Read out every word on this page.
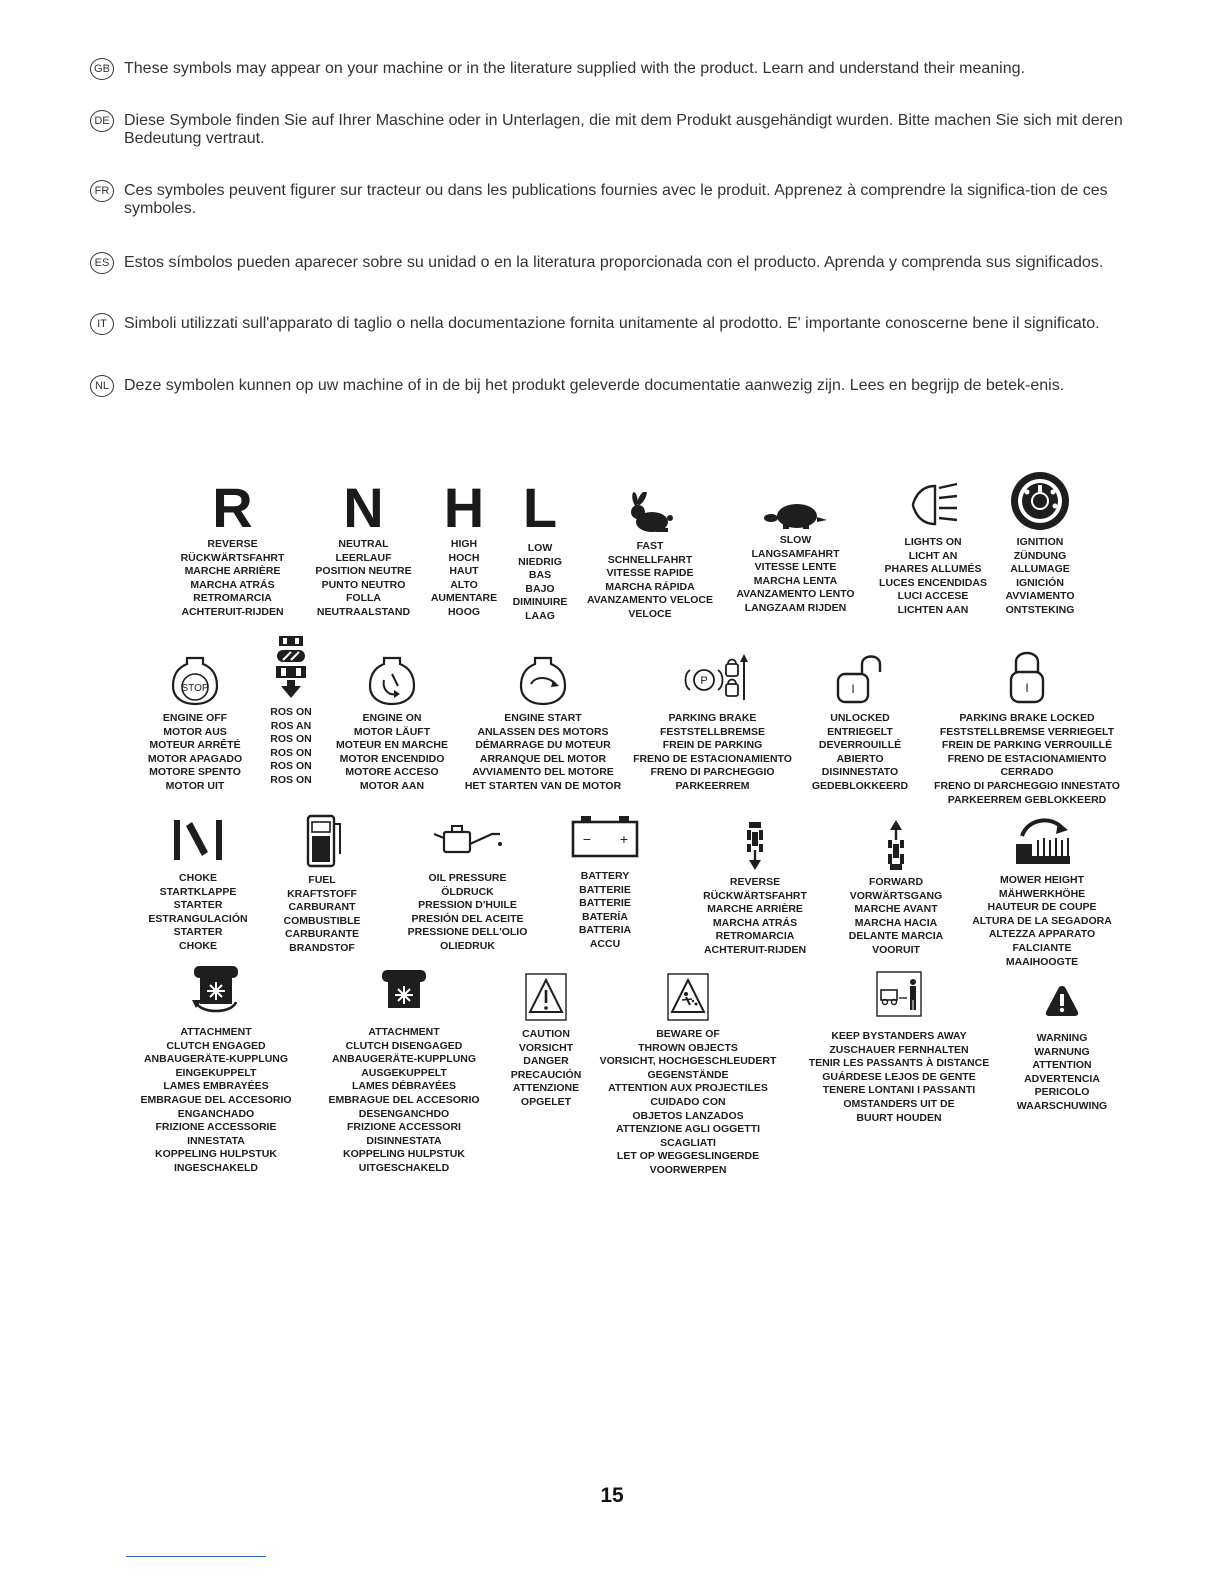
GB These symbols may appear on your machine or in the literature supplied with the product. Learn and understand their meaning.
DE Diese Symbole finden Sie auf Ihrer Maschine oder in Unterlagen, die mit dem Produkt ausgehändigt wurden. Bitte machen Sie sich mit deren Bedeutung vertraut.
FR Ces symboles peuvent figurer sur tracteur ou dans les publications fournies avec le produit. Apprenez à comprendre la significa-tion de ces symboles.
ES Estos símbolos pueden aparecer sobre su unidad o en la literatura proporcionada con el producto. Aprenda y comprenda sus significados.
IT	Simboli utilizzati sull'apparato di taglio o nella documentazione fornita unitamente al prodotto. E' importante conoscerne bene il significato.
NL Deze symbolen kunnen op uw machine of in de bij het produkt geleverde documentatie aanwezig zijn. Lees en begrijp de betek-enis.
R
REVERSE
RÜCKWÄRTSFAHRT
MARCHE ARRIÈRE
MARCHA ATRÁS
RETROMARCIA
ACHTERUIT-RIJDEN
N
NEUTRAL
LEERLAUF
POSITION NEUTRE
PUNTO NEUTRO
FOLLA
NEUTRAALSTAND
H
HIGH
HOCH
HAUT
ALTO
AUMENTARE
HOOG
L
LOW
NIEDRIG
BAS
BAJO
DIMINUIRE
LAAG
FAST
SCHNELLFAHRT
VITESSE RAPIDE
MARCHA RÁPIDA
AVANZAMENTO VELOCE
VELOCE
SLOW
LANGSAMFAHRT
VITESSE LENTE
MARCHA LENTA
AVANZAMENTO LENTO
LANGZAAM RIJDEN
LIGHTS ON
LICHT AN
PHARES ALLUMÉS
LUCES ENCENDIDAS
LUCI ACCESE
LICHTEN AAN
IGNITION
ZÜNDUNG
ALLUMAGE
IGNICIÓN
AVVIAMENTO
ONTSTEKING
STOP
ENGINE OFF
MOTOR AUS
MOTEUR ARRÊTÉ
MOTOR APAGADO
MOTORE SPENTO
MOTOR UIT
ROS ON
ROS AN
ROS ON
ROS ON
ROS ON
ROS ON
ENGINE ON
MOTOR LÄUFT
MOTEUR EN MARCHE
MOTOR ENCENDIDO
MOTORE ACCESO
MOTOR AAN
ENGINE START
ANLASSEN DES MOTORS
DÉMARRAGE DU MOTEUR
ARRANQUE DEL MOTOR
AVVIAMENTO DEL MOTORE
HET STARTEN VAN DE MOTOR
P
PARKING BRAKE
FESTSTELLBREMSE
FREIN DE PARKING
FRENO DE ESTACIONAMIENTO
FRENO DI PARCHEGGIO
PARKEERREM
I
UNLOCKED
ENTRIEGELT
DEVERROUILLÉ
ABIERTO
DISINNESTATO
GEDEBLOKKEERD
I
PARKING BRAKE LOCKED
FESTSTELLBREMSE VERRIEGELT
FREIN DE PARKING VERROUILLÉ
FRENO DE ESTACIONAMIENTO
CERRADO
FRENO DI PARCHEGGIO INNESTATO
PARKEERREM GEBLOKKEERD
CHOKE
STARTKLAPPE
STARTER
ESTRANGULACIÓN
STARTER
CHOKE
FUEL
KRAFTSTOFF
CARBURANT
COMBUSTIBLE
CARBURANTE
BRANDSTOF
OIL PRESSURE
ÖLDRUCK
PRESSION D'HUILE
PRESIÓN DEL ACEITE
PRESSIONE DELL'OLIO
OLIEDRUK
− +
BATTERY
BATTERIE
BATTERIE
BATERÍA
BATTERIA
ACCU
REVERSE
RÜCKWÄRTSFAHRT
MARCHE ARRIÈRE
MARCHA ATRÁS
RETROMARCIA
ACHTERUIT-RIJDEN
FORWARD
VORWÄRTSGANG
MARCHE AVANT
MARCHA HACIA
DELANTE MARCIA
VOORUIT
MOWER HEIGHT
MÄHWERKHÖHE
HAUTEUR DE COUPE
ALTURA DE LA SEGADORA
ALTEZZA APPARATO
FALCIANTE
MAAIHOOGTE
ATTACHMENT
CLUTCH ENGAGED
ANBAUGERÄTE-KUPPLUNG
EINGEKUPPELT
LAMES EMBRAYÉES
EMBRAGUE DEL ACCESORIO
ENGANCHADO
FRIZIONE ACCESSORIE
INNESTATA
KOPPELING HULPSTUK
INGESCHAKELD
ATTACHMENT
CLUTCH DISENGAGED
ANBAUGERÄTE-KUPPLUNG
AUSGEKUPPELT
LAMES DÉBRAYÉES
EMBRAGUE DEL ACCESORIO
DESENGANCHDO
FRIZIONE ACCESSORI
DISINNESTATA
KOPPELING HULPSTUK
UITGESCHAKELD
CAUTION
VORSICHT
DANGER
PRECAUCIÓN
ATTENZIONE
OPGELET
BEWARE OF
THROWN OBJECTS
VORSICHT, HOCHGESCHLEUDERT
GEGENSTÄNDE
ATTENTION AUX PROJECTILES
CUIDADO CON
OBJETOS LANZADOS
ATTENZIONE AGLI OGGETTI
SCAGLIATI
LET OP WEGGESLINGERDE
VOORWERPEN
KEEP BYSTANDERS AWAY
ZUSCHAUER FERNHALTEN
TENIR LES PASSANTS À DISTANCE
GUÁRDESE LEJOS DE GENTE
TENERE LONTANI I PASSANTI
OMSTANDERS UIT DE
BUURT HOUDEN
WARNING
WARNUNG
ATTENTION
ADVERTENCIA
PERICOLO
WAARSCHUWING
15
